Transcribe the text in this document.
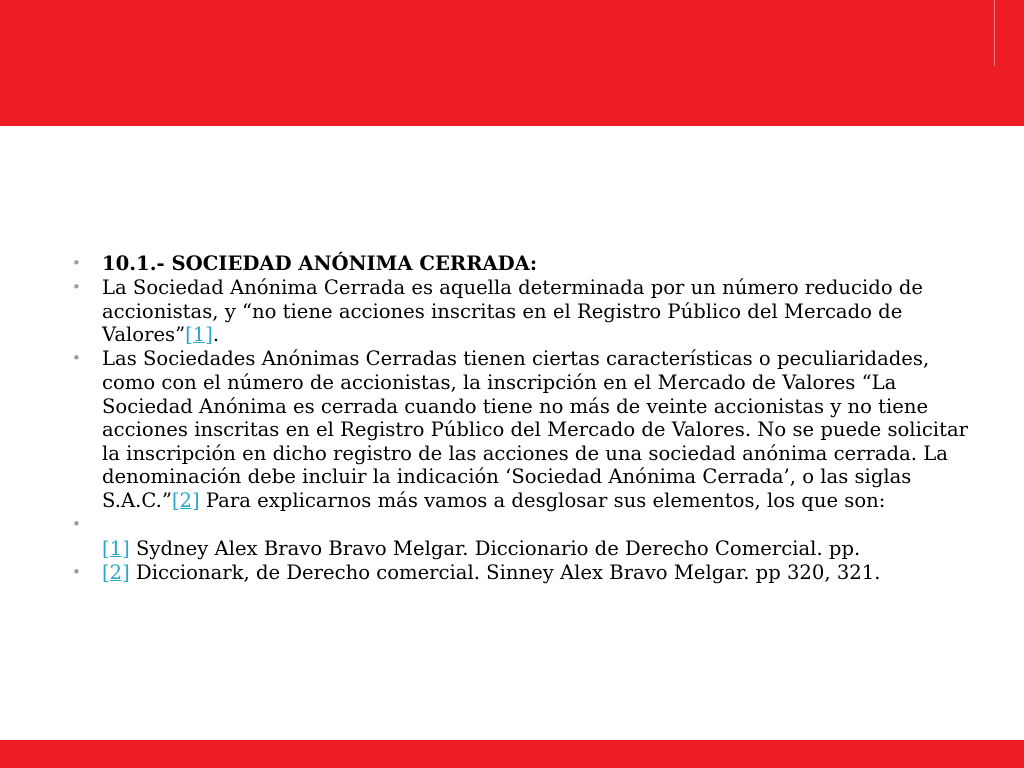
• 10.1.- SOCIEDAD ANÓNIMA CERRADA:
• La Sociedad Anónima Cerrada es aquella determinada por un número reducido de accionistas, y “no tiene acciones inscritas en el Registro Público del Mercado de Valores”[1].
• Las Sociedades Anónimas Cerradas tienen ciertas características o peculiaridades, como con el número de accionistas, la inscripción en el Mercado de Valores “La Sociedad Anónima es cerrada cuando tiene no más de veinte accionistas y no tiene acciones inscritas en el Registro Público del Mercado de Valores. No se puede solicitar la inscripción en dicho registro de las acciones de una sociedad anónima cerrada. La denominación debe incluir la indicación ‘Sociedad Anónima Cerrada’, o las siglas S.A.C.”[2] Para explicarnos más vamos a desglosar sus elementos, los que son:
•
[1] Sydney Alex Bravo Bravo Melgar. Diccionario de Derecho Comercial. pp.
• [2] Diccionark, de Derecho comercial. Sinney Alex Bravo Melgar. pp 320, 321.
